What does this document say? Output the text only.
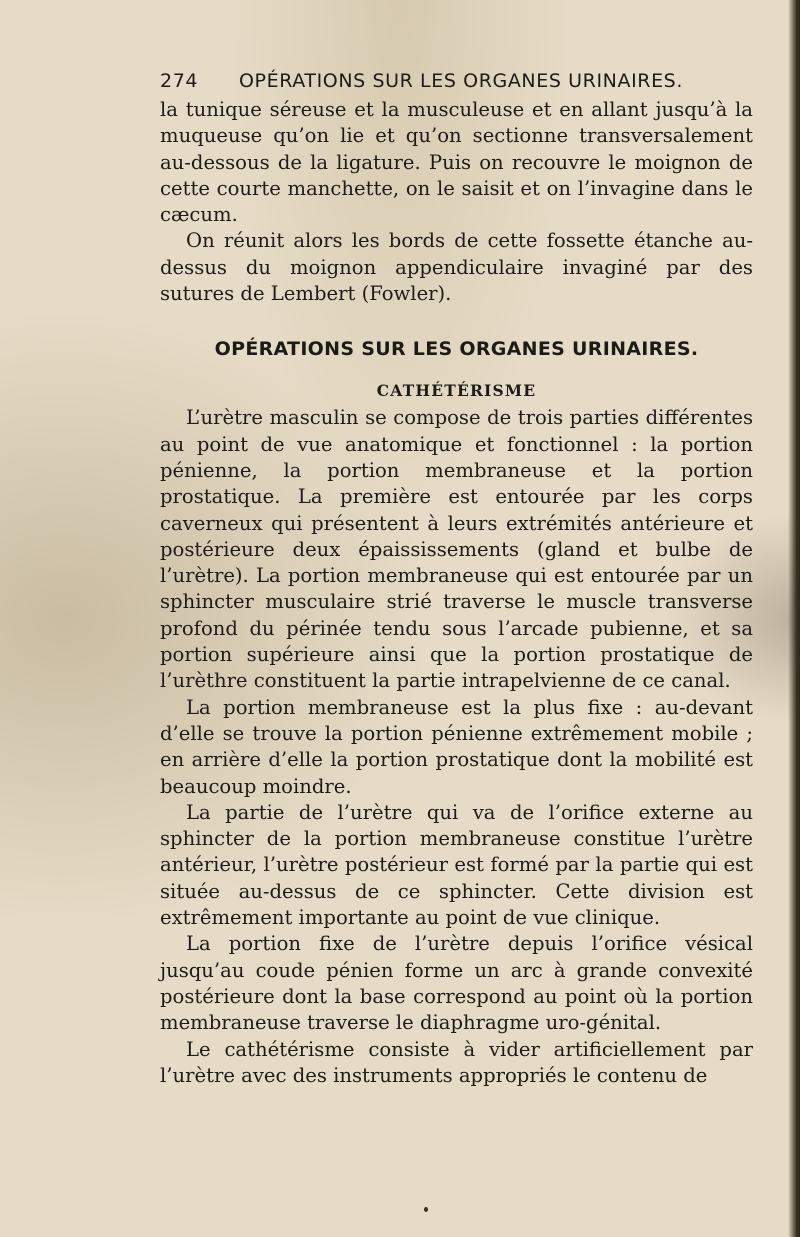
274	OPÉRATIONS SUR LES ORGANES URINAIRES.

la tunique séreuse et la musculeuse et en allant jusqu’à la muqueuse qu’on lie et qu’on sectionne transversalement au-dessous de la ligature. Puis on recouvre le moignon de cette courte manchette, on le saisit et on l’invagine dans le cæcum.

On réunit alors les bords de cette fossette étanche au-dessus du moignon appendiculaire invaginé par des sutures de Lembert (Fowler).

OPÉRATIONS SUR LES ORGANES URINAIRES.
CATHÉTÉRISME

L’urètre masculin se compose de trois parties différentes au point de vue anatomique et fonctionnel : la portion pénienne, la portion membraneuse et la portion prostatique. La première est entourée par les corps caverneux qui présentent à leurs extrémités antérieure et postérieure deux épaississements (gland et bulbe de l’urètre). La portion membraneuse qui est entourée par un sphincter musculaire strié traverse le muscle transverse profond du périnée tendu sous l’arcade pubienne, et sa portion supérieure ainsi que la portion prostatique de l’urèthre constituent la partie intrapelvienne de ce canal.

La portion membraneuse est la plus fixe : au-devant d’elle se trouve la portion pénienne extrêmement mobile ; en arrière d’elle la portion prostatique dont la mobilité est beaucoup moindre.

La partie de l’urètre qui va de l’orifice externe au sphincter de la portion membraneuse constitue l’urètre antérieur, l’urètre postérieur est formé par la partie qui est située au-dessus de ce sphincter. Cette division est extrêmement importante au point de vue clinique.

La portion fixe de l’urètre depuis l’orifice vésical jusqu’au coude pénien forme un arc à grande convexité postérieure dont la base correspond au point où la portion membraneuse traverse le diaphragme uro-génital.

Le cathétérisme consiste à vider artificiellement par l’urètre avec des instruments appropriés le contenu de
